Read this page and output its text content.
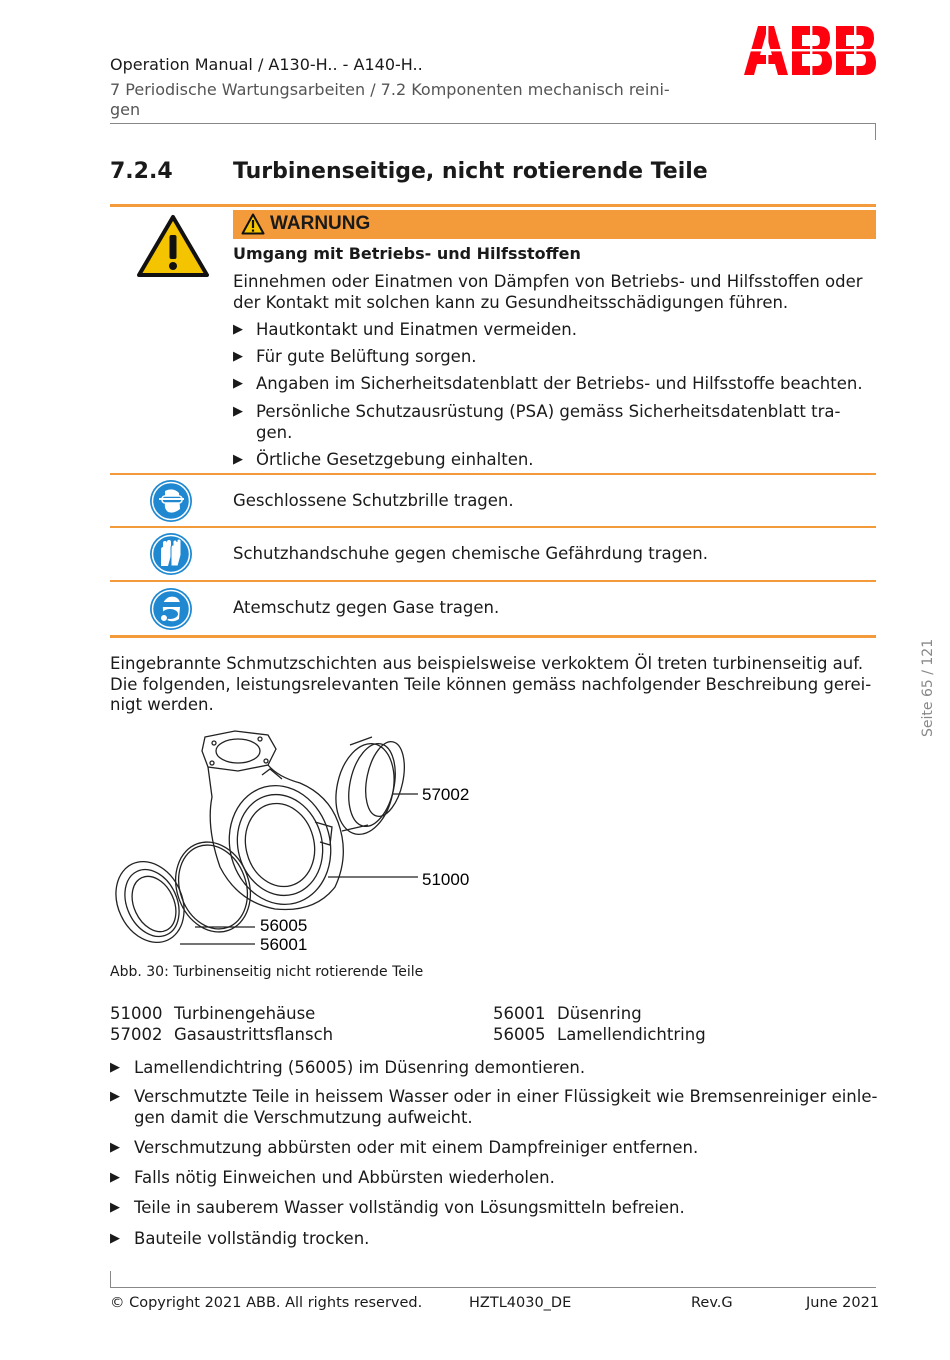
Operation Manual / A130-H.. - A140-H..
7 Periodische Wartungsarbeiten / 7.2 Komponenten mechanisch reini-
gen
7.2.4	Turbinenseitige, nicht rotierende Teile
WARNUNG
Umgang mit Betriebs- und Hilfsstoffen
Einnehmen oder Einatmen von Dämpfen von Betriebs- und Hilfsstoffen oder der Kontakt mit solchen kann zu Gesundheitsschädigungen führen.
▶ Hautkontakt und Einatmen vermeiden.
▶ Für gute Belüftung sorgen.
▶ Angaben im Sicherheitsdatenblatt der Betriebs- und Hilfsstoffe beachten.
▶ Persönliche Schutzausrüstung (PSA) gemäss Sicherheitsdatenblatt tra-gen.
▶ Örtliche Gesetzgebung einhalten.
Geschlossene Schutzbrille tragen.
Schutzhandschuhe gegen chemische Gefährdung tragen.
Atemschutz gegen Gase tragen.
Seite 65 / 121
Eingebrannte Schmutzschichten aus beispielsweise verkoktem Öl treten turbinenseitig auf. Die folgenden, leistungsrelevanten Teile können gemäss nachfolgender Beschreibung gerei-nigt werden.
57002
51000
56005
56001
Abb. 30: Turbinenseitig nicht rotierende Teile
51000 Turbinengehäuse
57002 Gasaustrittsflansch
56001 Düsenring
56005 Lamellendichtring
▶ Lamellendichtring (56005) im Düsenring demontieren.
▶ Verschmutzte Teile in heissem Wasser oder in einer Flüssigkeit wie Bremsenreiniger einle-gen damit die Verschmutzung aufweicht.
▶ Verschmutzung abbürsten oder mit einem Dampfreiniger entfernen.
▶ Falls nötig Einweichen und Abbürsten wiederholen.
▶ Teile in sauberem Wasser vollständig von Lösungsmitteln befreien.
▶ Bauteile vollständig trocken.
© Copyright 2021 ABB. All rights reserved.	HZTL4030_DE	Rev.G	June 2021
